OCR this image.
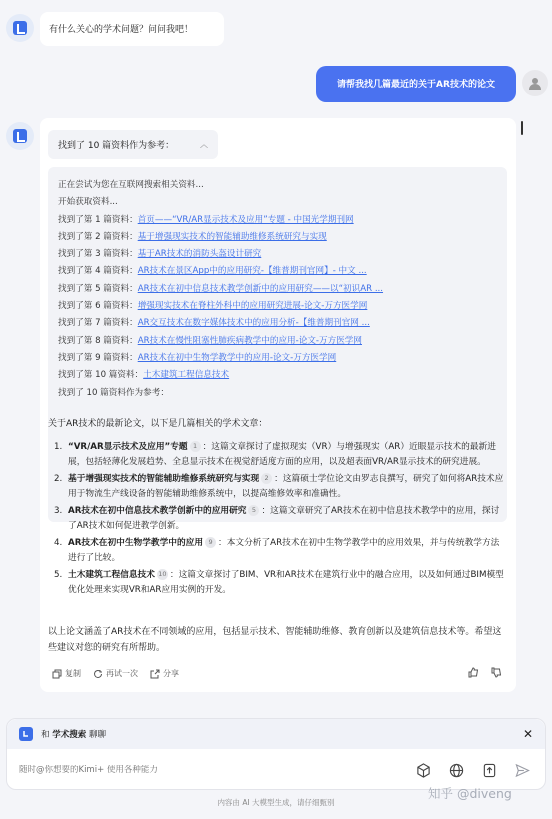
有什么关心的学术问题？问问我吧！
请帮我找几篇最近的关于AR技术的论文
找到了 10 篇资料作为参考：	︿
正在尝试为您在互联网搜索相关资料...
开始获取资料...
找到了第 1 篇资料：首页——“VR/AR显示技术及应用”专题 - 中国光学期刊网
找到了第 2 篇资料：基于增强现实技术的智能辅助维修系统研究与实现
找到了第 3 篇资料：基于AR技术的消防头盔设计研究
找到了第 4 篇资料：AR技术在景区App中的应用研究-【维普期刊官网】- 中文 ...
找到了第 5 篇资料：AR技术在初中信息技术教学创新中的应用研究——以“初识AR ...
找到了第 6 篇资料：增强现实技术在脊柱外科中的应用研究进展-论文-万方医学网
找到了第 7 篇资料：AR交互技术在数字媒体技术中的应用分析-【维普期刊官网 ...
找到了第 8 篇资料：AR技术在慢性阻塞性肺疾病教学中的应用-论文-万方医学网
找到了第 9 篇资料：AR技术在初中生物学教学中的应用-论文-万方医学网
找到了第 10 篇资料：土木建筑工程信息技术
找到了 10 篇资料作为参考：
关于AR技术的最新论文，以下是几篇相关的学术文章：
1. “VR/AR显示技术及应用”专题 1 ：这篇文章探讨了虚拟现实（VR）与增强现实（AR）近眼显示技术的最新进展，包括轻薄化发展趋势、全息显示技术在视觉舒适度方面的应用，以及超表面VR/AR显示技术的研究进展。
2. 基于增强现实技术的智能辅助维修系统研究与实现 2 ：这篇硕士学位论文由罗志良撰写，研究了如何将AR技术应用于物流生产线设备的智能辅助维修系统中，以提高维修效率和准确性。
3. AR技术在初中信息技术教学创新中的应用研究 5 ：这篇文章研究了AR技术在初中信息技术教学中的应用，探讨了AR技术如何促进教学创新。
4. AR技术在初中生物学教学中的应用 9 ：本文分析了AR技术在初中生物学教学中的应用效果，并与传统教学方法进行了比较。
5. 土木建筑工程信息技术 10 ：这篇文章探讨了BIM、VR和AR技术在建筑行业中的融合应用，以及如何通过BIM模型优化处理来实现VR和AR应用实例的开发。
以上论文涵盖了AR技术在不同领域的应用，包括显示技术、智能辅助维修、教育创新以及建筑信息技术等。希望这些建议对您的研究有所帮助。
复制	再试一次	分享
和
学术搜索
聊聊	✕
随时@你想要的Kimi+ 使用各种能力
内容由 AI 大模型生成，请仔细甄别
知乎 @diveng
